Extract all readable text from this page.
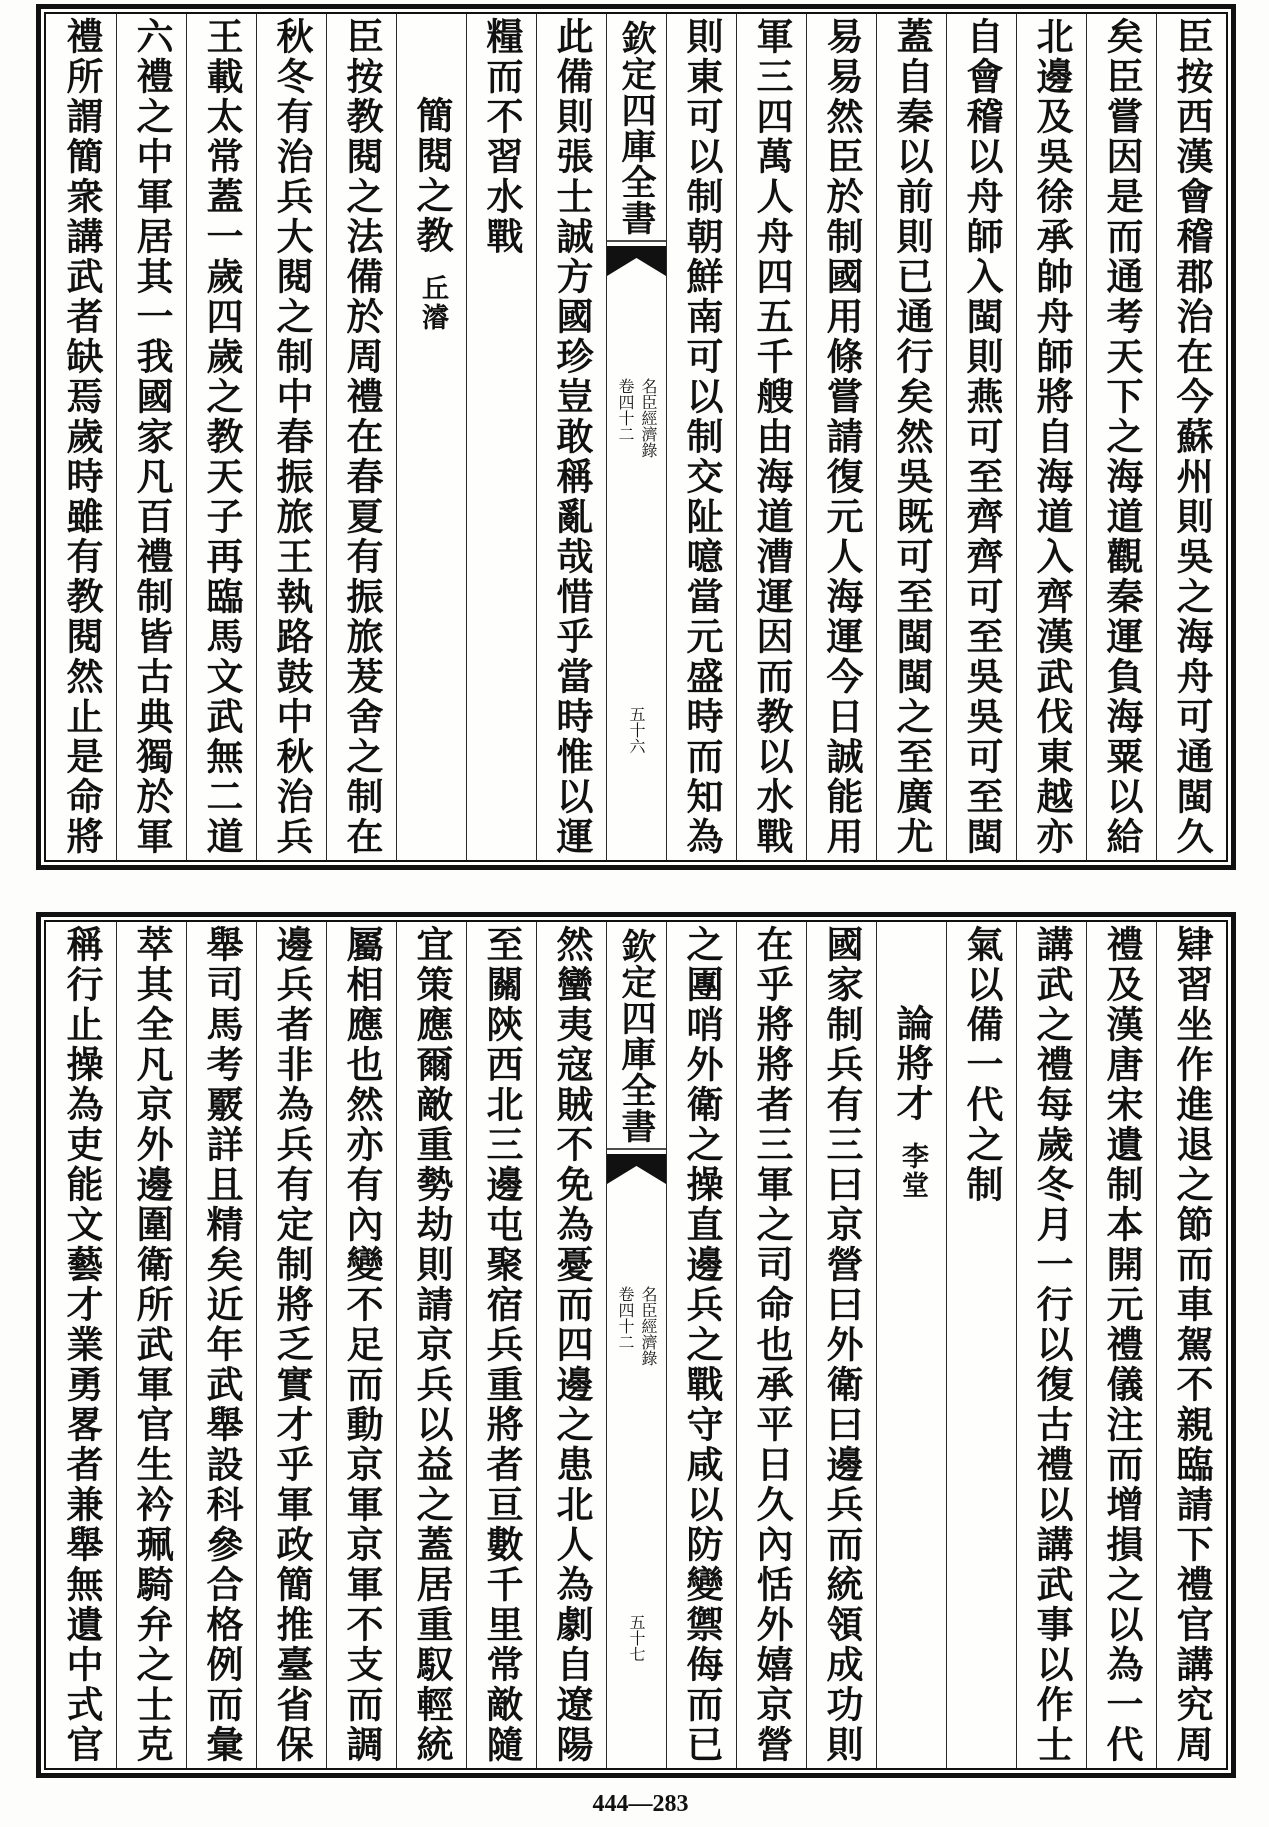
臣按西漢會稽郡治在今蘇州則吳之海舟可通閩久
矣臣嘗因是而通考天下之海道觀秦運負海粟以給
北邊及吳徐承帥舟師將自海道入齊漢武伐東越亦
自會稽以舟師入閩則燕可至齊齊可至吳吳可至閩
蓋自秦以前則已通行矣然吳既可至閩閩之至廣尤
易易然臣於制國用條嘗請復元人海運今日誠能用
軍三四萬人舟四五千艘由海道漕運因而教以水戰
則東可以制朝鮮南可以制交阯噫當元盛時而知為
欽定四庫全書
名臣經濟錄
卷四十二
五十六
此備則張士誠方國珍豈敢稱亂哉惜乎當時惟以運
糧而不習水戰
簡閱之教丘濬
臣按教閱之法備於周禮在春夏有振旅茇舍之制在
秋冬有治兵大閱之制中春振旅王執路鼓中秋治兵
王載太常蓋一歲四歲之教天子再臨馬文武無二道
六禮之中軍居其一我國家凡百禮制皆古典獨於軍
禮所謂簡衆講武者缺焉歲時雖有教閱然止是命將
肄習坐作進退之節而車駕不親臨請下禮官講究周
禮及漢唐宋遺制本開元禮儀注而增損之以為一代
講武之禮每歲冬月一行以復古禮以講武事以作士
氣以備一代之制
論將才李堂
國家制兵有三曰京營曰外衛曰邊兵而統領成功則
在乎將將者三軍之司命也承平日久內恬外嬉京營
之團哨外衛之操直邊兵之戰守咸以防變禦侮而已
欽定四庫全書
名臣經濟錄
卷四十二
五十七
然蠻夷寇賊不免為憂而四邊之患北人為劇自遼陽
至關陝西北三邊屯聚宿兵重將者亘數千里常敵隨
宜策應爾敵重勢劫則請京兵以益之蓋居重馭輕統
屬相應也然亦有內變不足而動京軍京軍不支而調
邊兵者非為兵有定制將乏實才乎軍政簡推臺省保
舉司馬考覈詳且精矣近年武舉設科參合格例而彙
萃其全凡京外邊圍衛所武軍官生衿珮騎弁之士克
稱行止操為吏能文藝才業勇畧者兼舉無遺中式官
444—283
